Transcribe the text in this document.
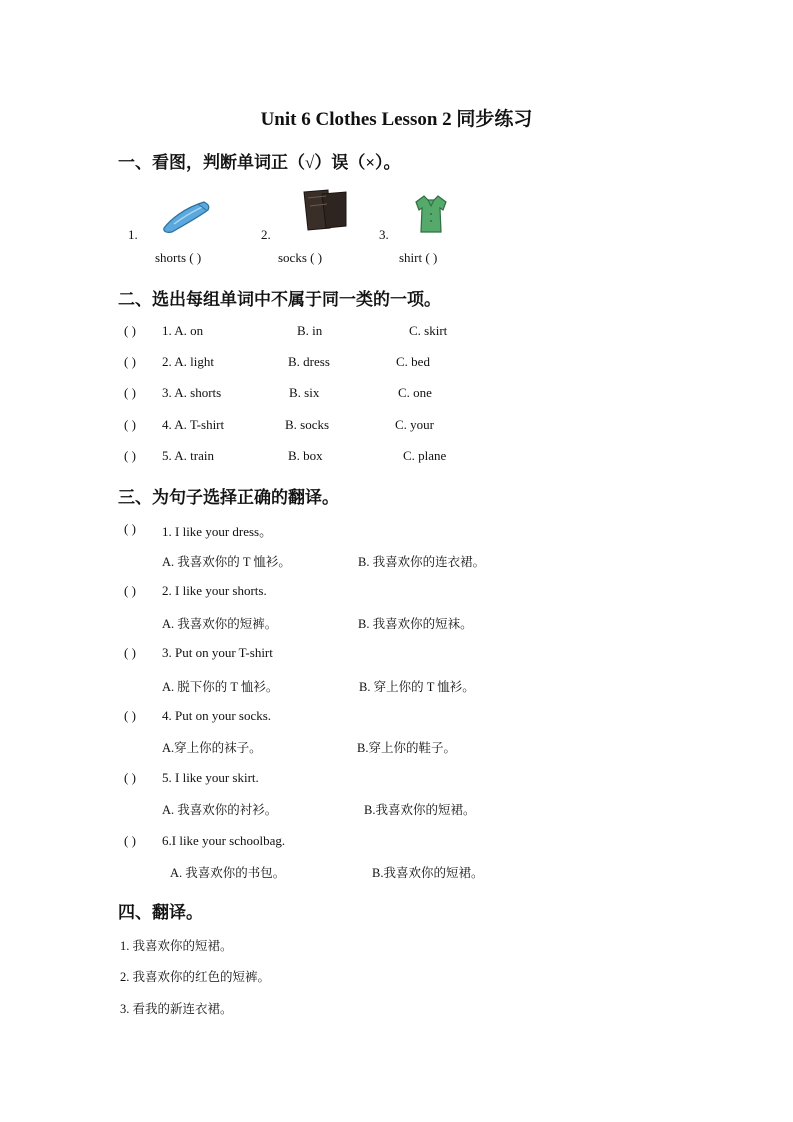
Unit 6 Clothes Lesson 2 同步练习
一、看图，判断单词正（√）误（×）。
1.
shorts ( )
2.
socks ( )
3.
shirt ( )
二、选出每组单词中不属于同一类的一项。
( ) 1. A. on	B. in	C. skirt
( ) 2. A. light	B. dress	C. bed
( ) 3. A. shorts	B. six	C. one
( ) 4. A. T-shirt	B. socks	C. your
( ) 5. A. train	B. box	C. plane
三、为句子选择正确的翻译。
( ) 1. I like your dress。
A. 我喜欢你的 T 恤衫。	B. 我喜欢你的连衣裙。
( ) 2. I like your shorts.
A. 我喜欢你的短裤。	B. 我喜欢你的短袜。
( ) 3. Put on your T-shirt
A. 脱下你的 T 恤衫。	B. 穿上你的 T 恤衫。
( ) 4. Put on your socks.
A.穿上你的袜子。	B.穿上你的鞋子。
( ) 5. I like your skirt.
A. 我喜欢你的衬衫。	B.我喜欢你的短裙。
( ) 6.I like your schoolbag.
A. 我喜欢你的书包。	B.我喜欢你的短裙。
四、翻译。
1. 我喜欢你的短裙。
2. 我喜欢你的红色的短裤。
3. 看我的新连衣裙。
